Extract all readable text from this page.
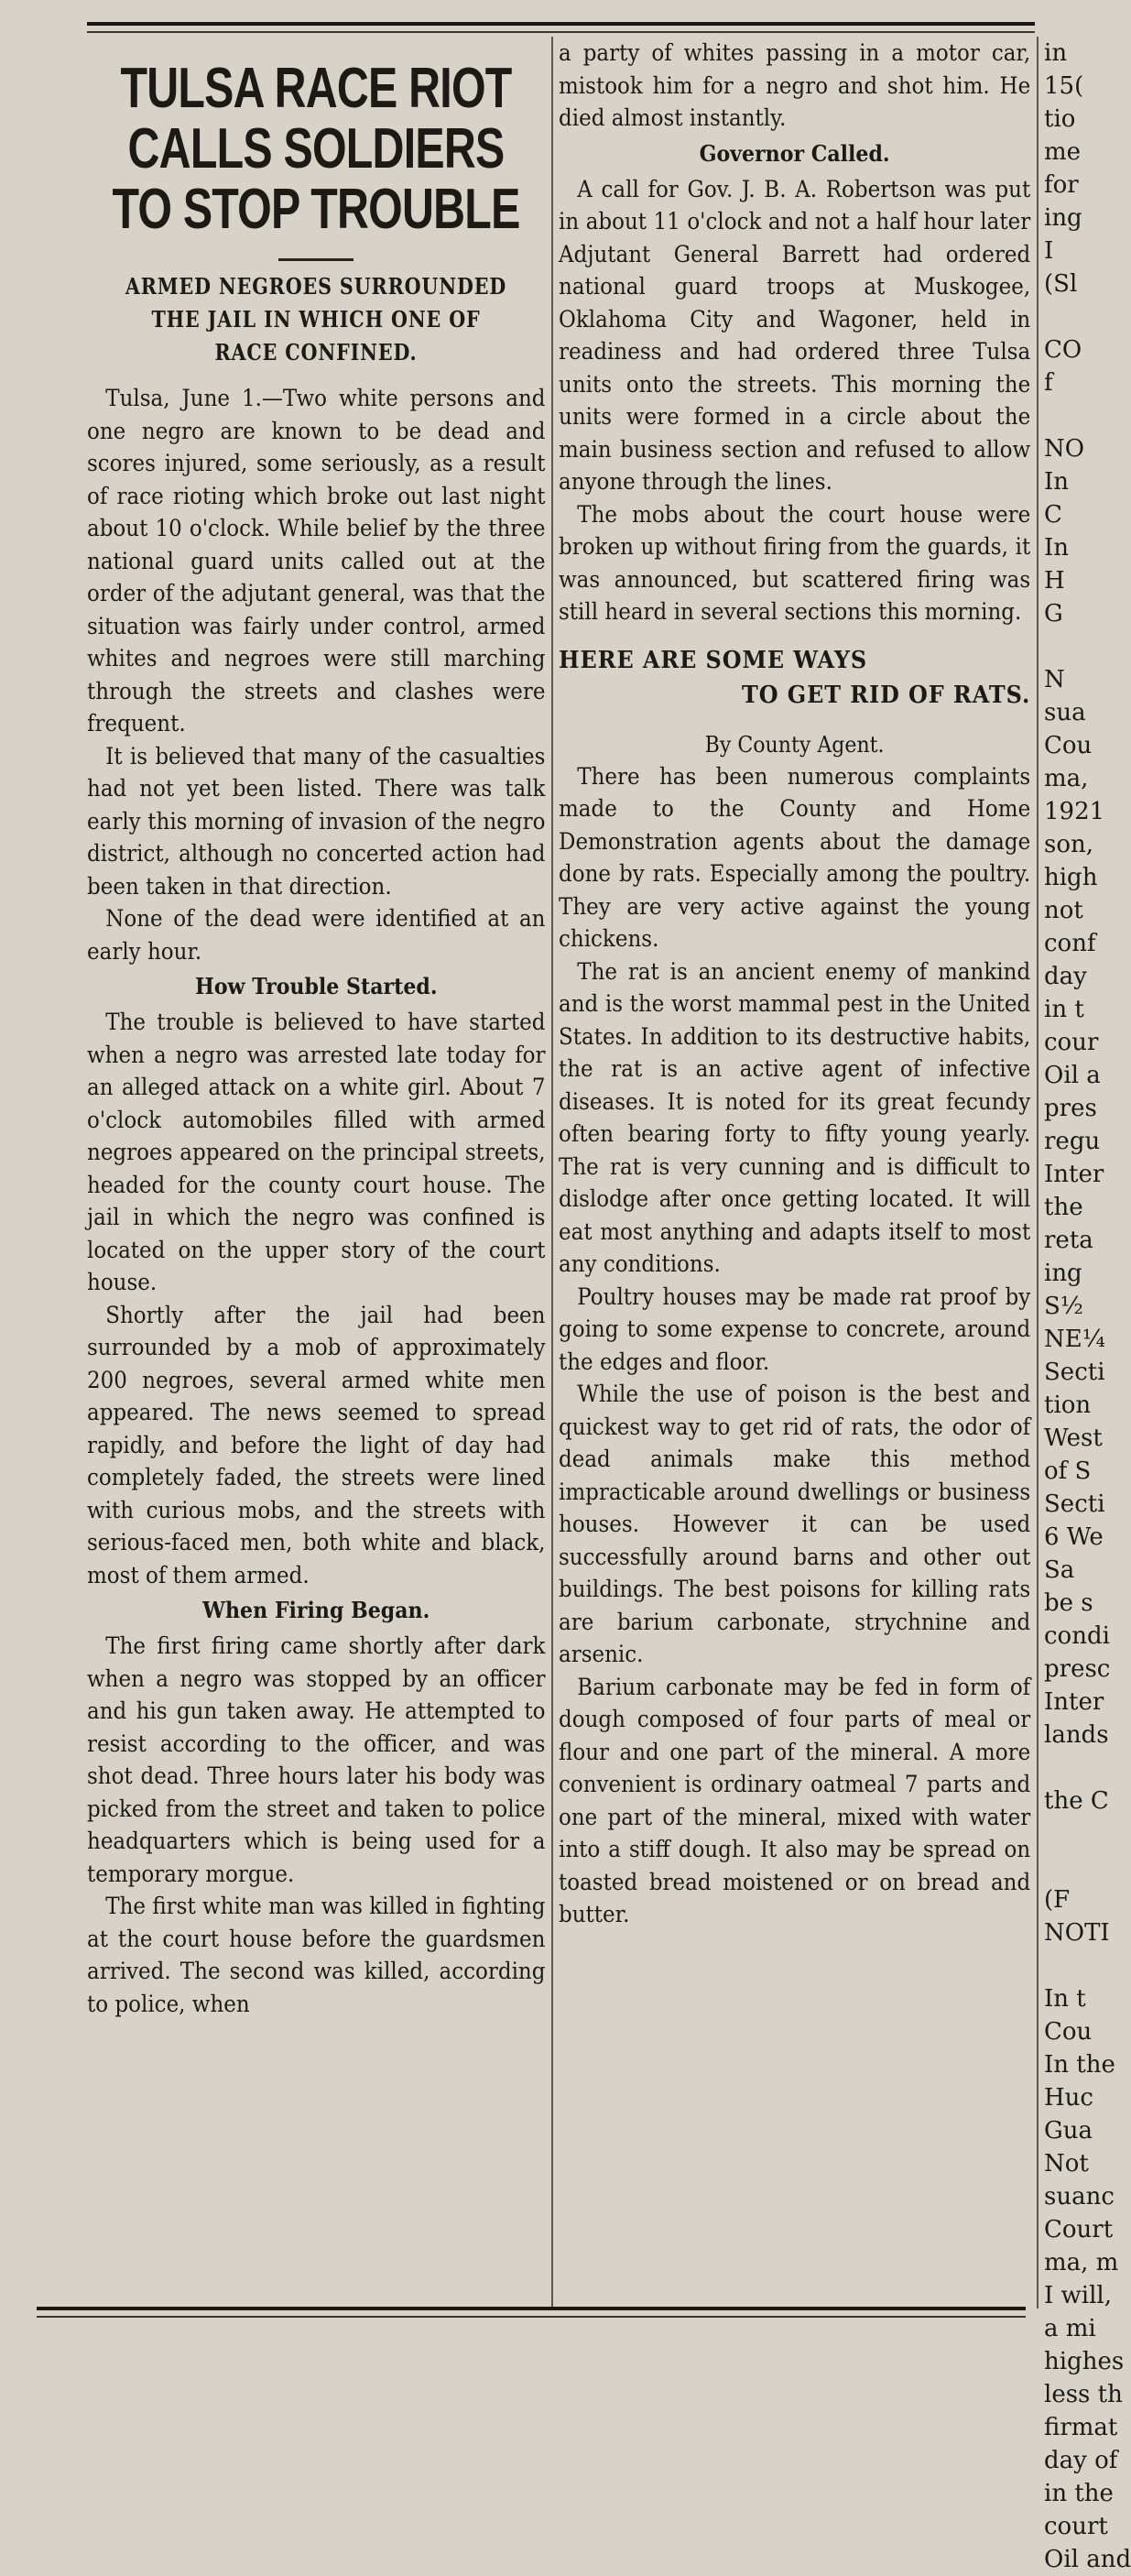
TULSA RACE RIOT
CALLS SOLDIERS
TO STOP TROUBLE
ARMED NEGROES SURROUNDED
THE JAIL IN WHICH ONE OF
RACE CONFINED.

Tulsa, June 1.—Two white persons and one negro are known to be dead and scores injured, some seriously, as a result of race rioting which broke out last night about 10 o'clock. While belief by the three national guard units called out at the order of the adjutant general, was that the situation was fairly under control, armed whites and negroes were still marching through the streets and clashes were frequent.

It is believed that many of the casualties had not yet been listed. There was talk early this morning of invasion of the negro district, although no concerted action had been taken in that direction.

None of the dead were identified at an early hour.

How Trouble Started.

The trouble is believed to have started when a negro was arrested late today for an alleged attack on a white girl. About 7 o'clock automobiles filled with armed negroes appeared on the principal streets, headed for the county court house. The jail in which the negro was confined is located on the upper story of the court house.

Shortly after the jail had been surrounded by a mob of approximately 200 negroes, several armed white men appeared. The news seemed to spread rapidly, and before the light of day had completely faded, the streets were lined with curious mobs, and the streets with serious-faced men, both white and black, most of them armed.

When Firing Began.

The first firing came shortly after dark when a negro was stopped by an officer and his gun taken away. He attempted to resist according to the officer, and was shot dead. Three hours later his body was picked from the street and taken to police headquarters which is being used for a temporary morgue.

The first white man was killed in fighting at the court house before the guardsmen arrived. The second was killed, according to police, when

a party of whites passing in a motor car, mistook him for a negro and shot him. He died almost instantly.

Governor Called.

A call for Gov. J. B. A. Robertson was put in about 11 o'clock and not a half hour later Adjutant General Barrett had ordered national guard troops at Muskogee, Oklahoma City and Wagoner, held in readiness and had ordered three Tulsa units onto the streets. This morning the units were formed in a circle about the main business section and refused to allow anyone through the lines.

The mobs about the court house were broken up without firing from the guards, it was announced, but scattered firing was still heard in several sections this morning.

HERE ARE SOME WAYS
TO GET RID OF RATS.
By County Agent.

There has been numerous complaints made to the County and Home Demonstration agents about the damage done by rats. Especially among the poultry. They are very active against the young chickens.

The rat is an ancient enemy of mankind and is the worst mammal pest in the United States. In addition to its destructive habits, the rat is an active agent of infective diseases. It is noted for its great fecundy often bearing forty to fifty young yearly. The rat is very cunning and is difficult to dislodge after once getting located. It will eat most anything and adapts itself to most any conditions.

Poultry houses may be made rat proof by going to some expense to concrete, around the edges and floor.

While the use of poison is the best and quickest way to get rid of rats, the odor of dead animals make this method impracticable around dwellings or business houses. However it can be used successfully around barns and other out buildings. The best poisons for killing rats are barium carbonate, strychnine and arsenic.

Barium carbonate may be fed in form of dough composed of four parts of meal or flour and one part of the mineral. A more convenient is ordinary oatmeal 7 parts and one part of the mineral, mixed with water into a stiff dough. It also may be spread on toasted bread moistened or on bread and butter.

in
15(
tio
me
for
ing
I
(Sl

CO
f

NO
In
C
In
H
G

N
sua
Cou
ma,
1921
son,
high
not
conf
day
in t
cour
Oil a
pres
regu
Inter
the
reta
ing
S½
NE¼
Secti
tion
West
of S
Secti
6 We
Sa
be s
condi
presc
Inter
lands

the C

(F
NOTI

In t
Cou
In the
Huc
Gua
Not
suanc
Court
ma, m
I will,
a mi
highes
less th
firmat
day of
in the
court
Oil and
